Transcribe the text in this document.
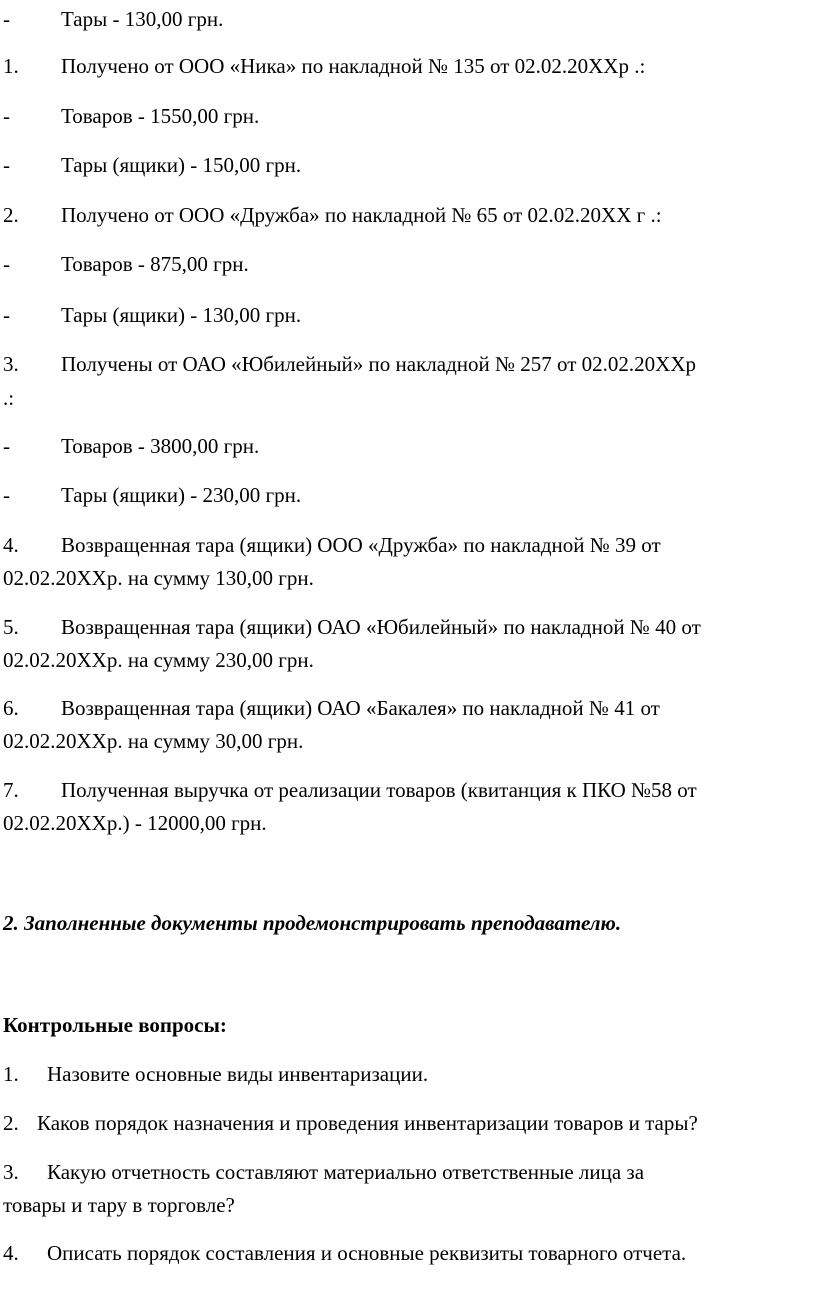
- Тары - 130,00 грн.
1. Получено от ООО «Ника» по накладной № 135 от 02.02.20ХХр .:
- Товаров - 1550,00 грн.
- Тары (ящики) - 150,00 грн.
2. Получено от ООО «Дружба» по накладной № 65 от 02.02.20ХХ г .:
- Товаров - 875,00 грн.
- Тары (ящики) - 130,00 грн.
3. Получены от ОАО «Юбилейный» по накладной № 257 от 02.02.20ХХр
.:
- Товаров - 3800,00 грн.
- Тары (ящики) - 230,00 грн.
4. Возвращенная тара (ящики) ООО «Дружба» по накладной № 39 от
02.02.20ХХр. на сумму 130,00 грн.
5. Возвращенная тара (ящики) ОАО «Юбилейный» по накладной № 40 от
02.02.20ХХр. на сумму 230,00 грн.
6. Возвращенная тара (ящики) ОАО «Бакалея» по накладной № 41 от
02.02.20ХХр. на сумму 30,00 грн.
7. Полученная выручка от реализации товаров (квитанция к ПКО №58 от
02.02.20ХХр.) - 12000,00 грн.
2. Заполненные документы продемонстрировать преподавателю.
Контрольные вопросы:
1. Назовите основные виды инвентаризации.
2. Каков порядок назначения и проведения инвентаризации товаров и тары?
3. Какую отчетность составляют материально ответственные лица за
товары и тару в торговле?
4. Описать порядок составления и основные реквизиты товарного отчета.
